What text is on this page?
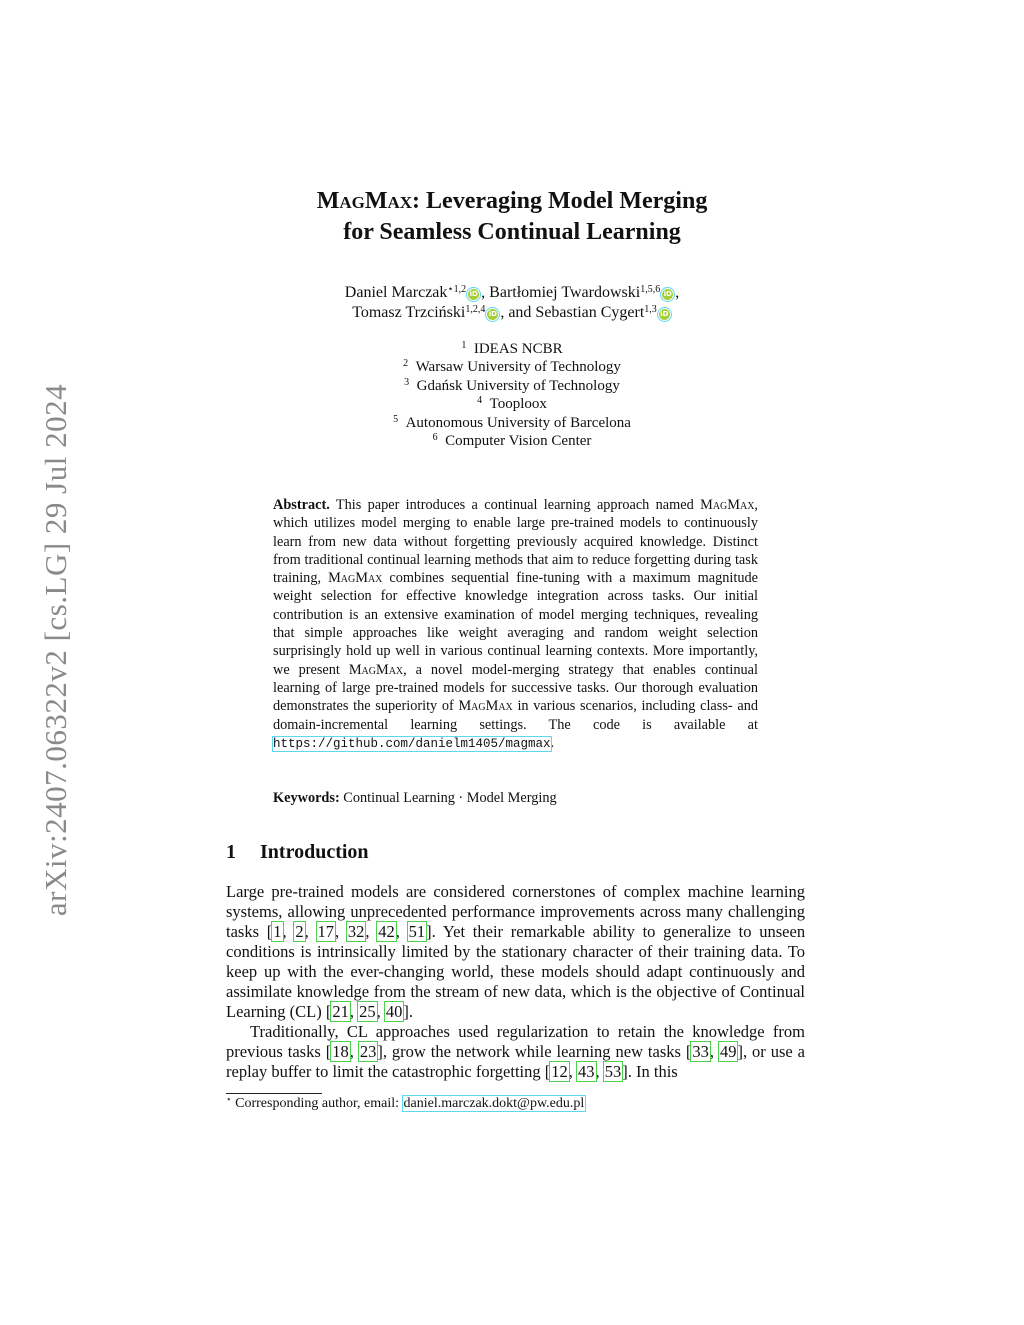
arXiv:2407.06322v2 [cs.LG] 29 Jul 2024
MagMax: Leveraging Model Merging
for Seamless Continual Learning
Daniel Marczak$^{⋆1,2}$ iD , Bartłomiej Twardowski$^{1,5,6}$ iD ,
Tomasz Trzciński$^{1,2,4}$ iD , and Sebastian Cygert$^{1,3}$ iD
$^1$ IDEAS NCBR
$^2$ Warsaw University of Technology
$^3$ Gdańsk University of Technology
$^4$ Tooploox
$^5$ Autonomous University of Barcelona
$^6$ Computer Vision Center
Abstract. This paper introduces a continual learning approach named MagMax, which utilizes model merging to enable large pre-trained models to continuously learn from new data without forgetting previously acquired knowledge. Distinct from traditional continual learning methods that aim to reduce forgetting during task training, MagMax combines sequential fine-tuning with a maximum magnitude weight selection for effective knowledge integration across tasks. Our initial contribution is an extensive examination of model merging techniques, revealing that simple approaches like weight averaging and random weight selection surprisingly hold up well in various continual learning contexts. More importantly, we present MagMax, a novel model-merging strategy that enables continual learning of large pre-trained models for successive tasks. Our thorough evaluation demonstrates the superiority of MagMax in various scenarios, including class- and domain-incremental learning settings. The code is available at https://github.com/danielm1405/magmax.
Keywords: Continual Learning · Model Merging
1 Introduction

Large pre-trained models are considered cornerstones of complex machine learning systems, allowing unprecedented performance improvements across many challenging tasks [1, 2, 17, 32, 42, 51]. Yet their remarkable ability to generalize to unseen conditions is intrinsically limited by the stationary character of their training data. To keep up with the ever-changing world, these models should adapt continuously and assimilate knowledge from the stream of new data, which is the objective of Continual Learning (CL) [21, 25, 40].

Traditionally, CL approaches used regularization to retain the knowledge from previous tasks [18, 23], grow the network while learning new tasks [33, 49], or use a replay buffer to limit the catastrophic forgetting [12, 43, 53]. In this

⋆ Corresponding author, email: daniel.marczak.dokt@pw.edu.pl
